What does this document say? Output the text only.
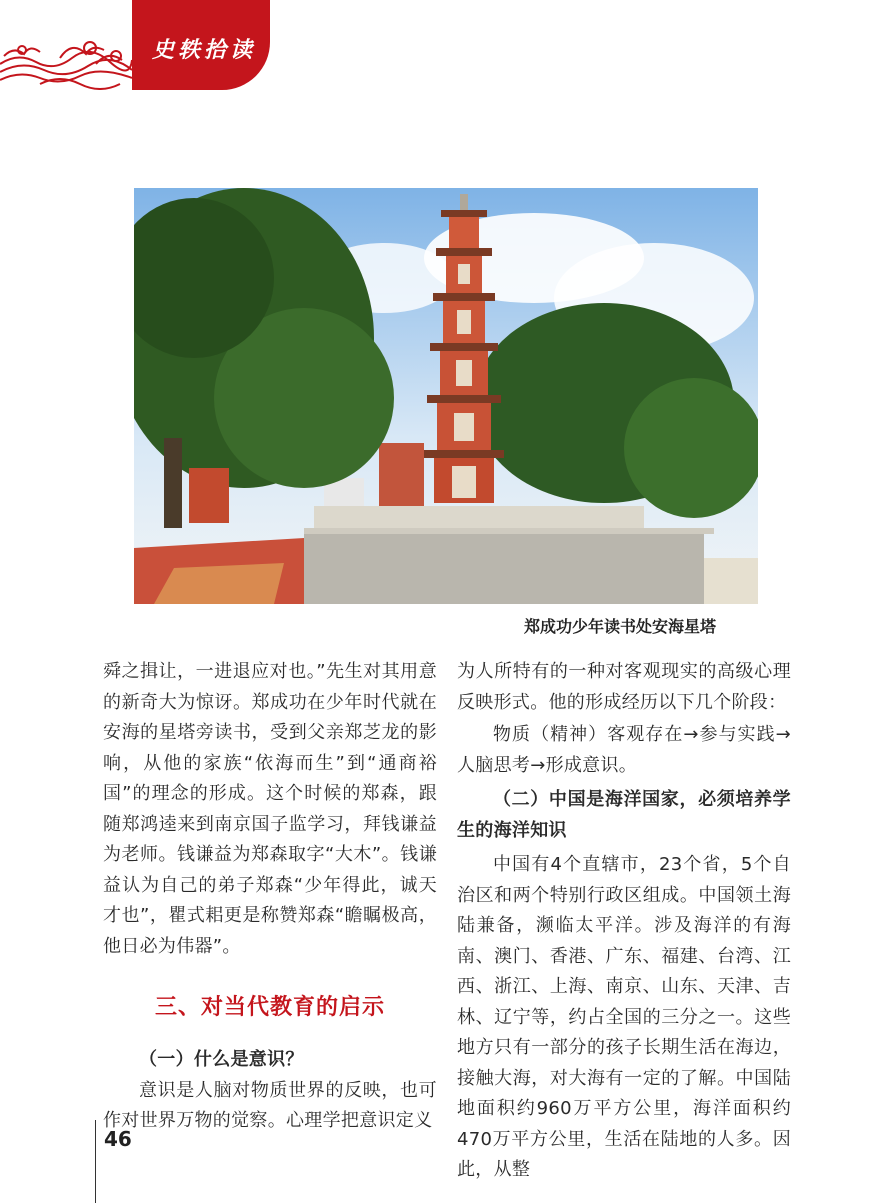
史轶拾读
郑成功少年读书处安海星塔

舜之揖让，一进退应对也。”先生对其用意的新奇大为惊讶。郑成功在少年时代就在安海的星塔旁读书，受到父亲郑芝龙的影响，从他的家族“依海而生”到“通商裕国”的理念的形成。这个时候的郑森，跟随郑鸿逵来到南京国子监学习，拜钱谦益为老师。钱谦益为郑森取字“大木”。钱谦益认为自己的弟子郑森“少年得此，诚天才也”，瞿式耜更是称赞郑森“瞻瞩极高，他日必为伟器”。

三、对当代教育的启示

（一）什么是意识？

意识是人脑对物质世界的反映，也可作对世界万物的觉察。心理学把意识定义

为人所特有的一种对客观现实的高级心理反映形式。他的形成经历以下几个阶段：

物质（精神）客观存在→参与实践→人脑思考→形成意识。

（二）中国是海洋国家，必须培养学生的海洋知识

中国有4个直辖市，23个省，5个自治区和两个特别行政区组成。中国领土海陆兼备，濒临太平洋。涉及海洋的有海南、澳门、香港、广东、福建、台湾、江西、浙江、上海、南京、山东、天津、吉林、辽宁等，约占全国的三分之一。这些地方只有一部分的孩子长期生活在海边，接触大海，对大海有一定的了解。中国陆地面积约960万平方公里，海洋面积约470万平方公里，生活在陆地的人多。因此，从整

46
